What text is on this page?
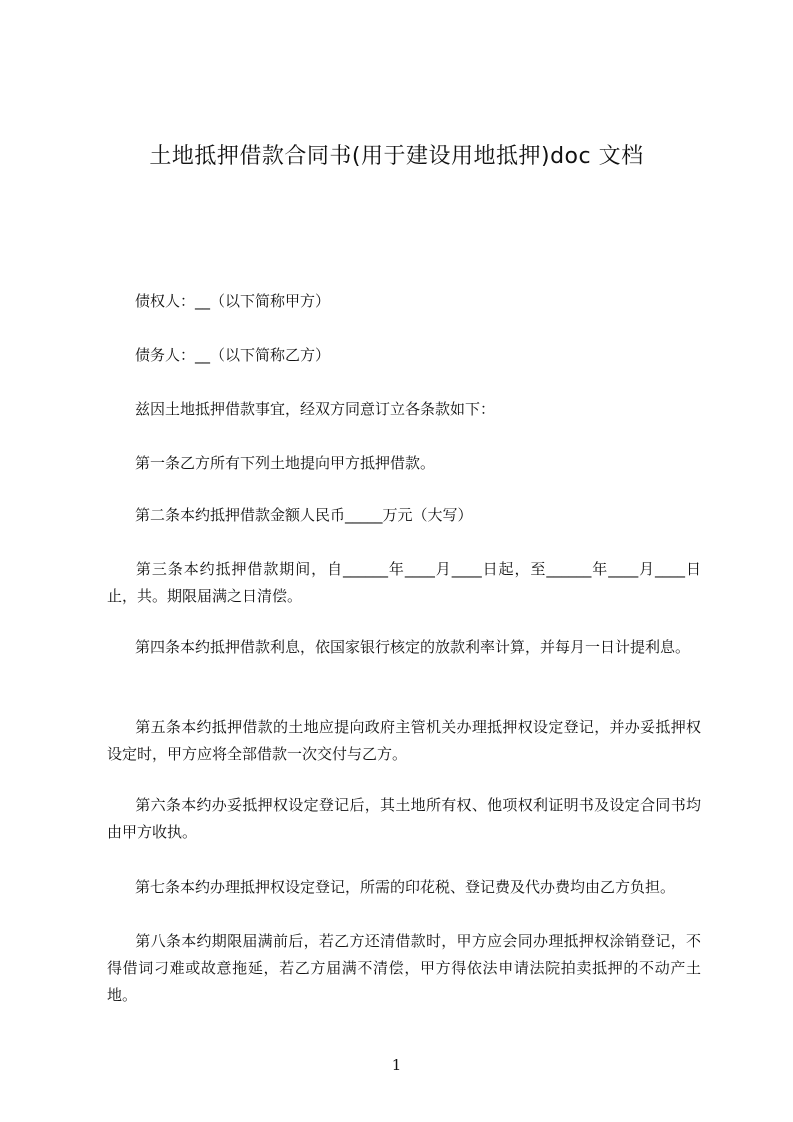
土地抵押借款合同书(用于建设用地抵押)doc 文档
债权人：__（以下简称甲方）
债务人：__（以下简称乙方）
兹因土地抵押借款事宜，经双方同意订立各条款如下：
第一条乙方所有下列土地提向甲方抵押借款。
第二条本约抵押借款金额人民币_____万元（大写）
第三条本约抵押借款期间，自______年____月____日起，至______年____月____日止，共。期限届满之日清偿。
第四条本约抵押借款利息，依国家银行核定的放款利率计算，并每月一日计提利息。
第五条本约抵押借款的土地应提向政府主管机关办理抵押权设定登记，并办妥抵押权设定时，甲方应将全部借款一次交付与乙方。
第六条本约办妥抵押权设定登记后，其土地所有权、他项权利证明书及设定合同书均由甲方收执。
第七条本约办理抵押权设定登记，所需的印花税、登记费及代办费均由乙方负担。
第八条本约期限届满前后，若乙方还清借款时，甲方应会同办理抵押权涂销登记，不得借词刁难或故意拖延，若乙方届满不清偿，甲方得依法申请法院拍卖抵押的不动产土地。
1
